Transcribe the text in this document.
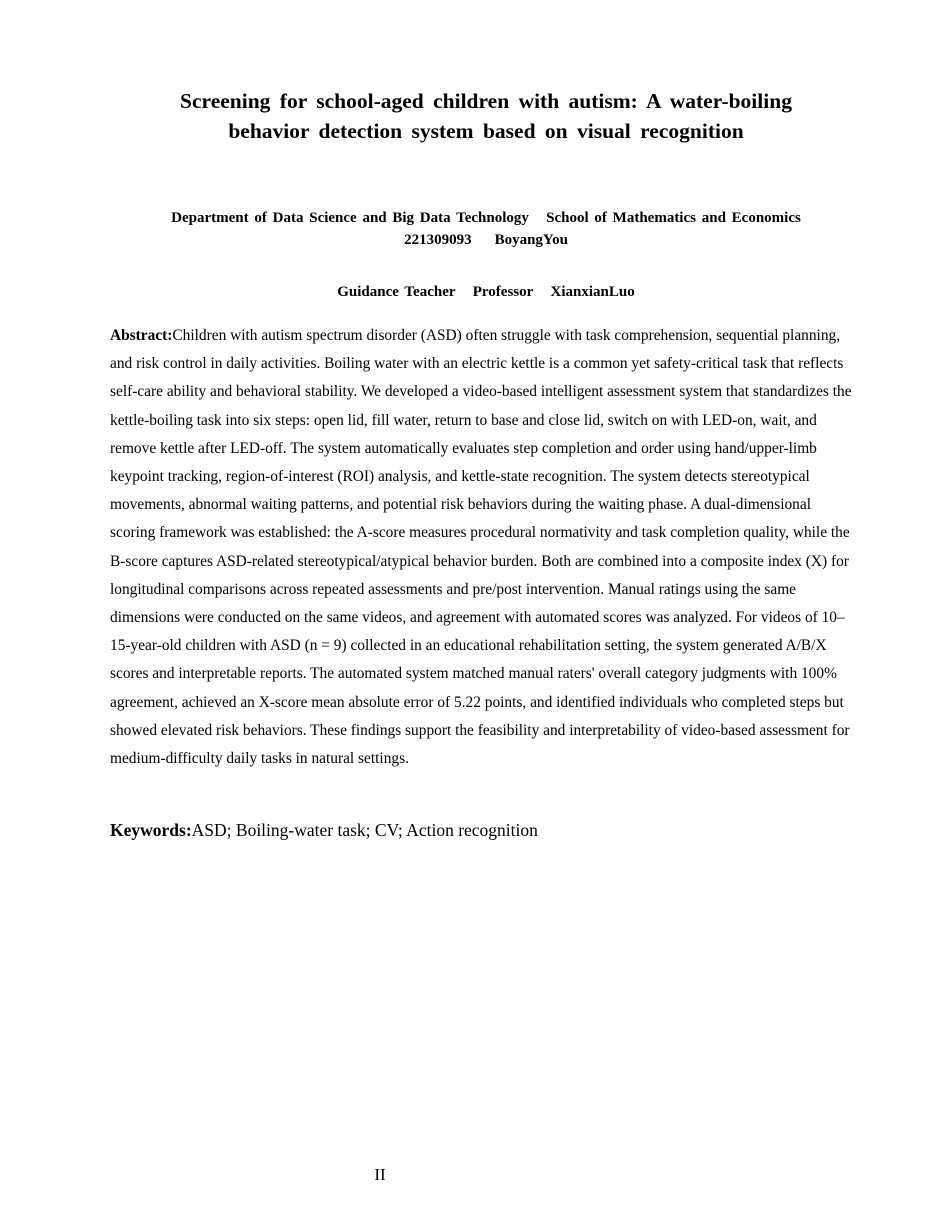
Screening for school-aged children with autism: A water-boiling
behavior detection system based on visual recognition
Department of Data Science and Big Data Technology   School of Mathematics and Economics
221309093    BoyangYou
Guidance Teacher   Professor   XianxianLuo

Abstract:Children with autism spectrum disorder (ASD) often struggle with task comprehension, sequential planning, and risk control in daily activities. Boiling water with an electric kettle is a common yet safety-critical task that reflects self-care ability and behavioral stability. We developed a video-based intelligent assessment system that standardizes the kettle-boiling task into six steps: open lid, fill water, return to base and close lid, switch on with LED-on, wait, and remove kettle after LED-off. The system automatically evaluates step completion and order using hand/upper-limb keypoint tracking, region-of-interest (ROI) analysis, and kettle-state recognition. The system detects stereotypical movements, abnormal waiting patterns, and potential risk behaviors during the waiting phase. A dual-dimensional scoring framework was established: the A-score measures procedural normativity and task completion quality, while the B-score captures ASD-related stereotypical/atypical behavior burden. Both are combined into a composite index (X) for longitudinal comparisons across repeated assessments and pre/post intervention. Manual ratings using the same dimensions were conducted on the same videos, and agreement with automated scores was analyzed. For videos of 10–15-year-old children with ASD (n = 9) collected in an educational rehabilitation setting, the system generated A/B/X scores and interpretable reports. The automated system matched manual raters' overall category judgments with 100% agreement, achieved an X-score mean absolute error of 5.22 points, and identified individuals who completed steps but showed elevated risk behaviors. These findings support the feasibility and interpretability of video-based assessment for medium-difficulty daily tasks in natural settings.

Keywords:ASD; Boiling-water task; CV; Action recognition

II
